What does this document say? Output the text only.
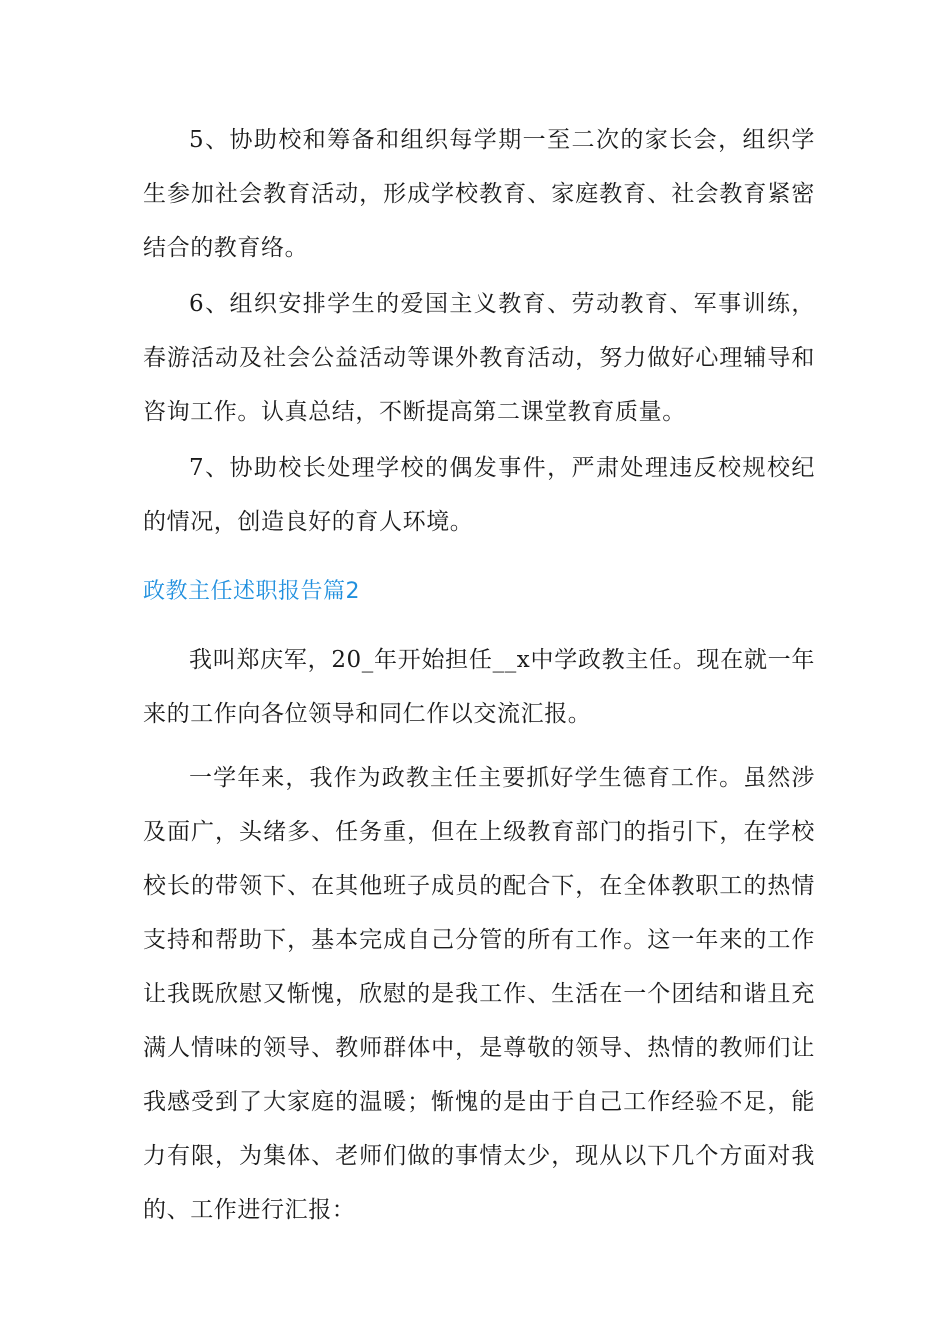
5、协助校和筹备和组织每学期一至二次的家长会，组织学生参加社会教育活动，形成学校教育、家庭教育、社会教育紧密结合的教育络。

6、组织安排学生的爱国主义教育、劳动教育、军事训练，春游活动及社会公益活动等课外教育活动，努力做好心理辅导和咨询工作。认真总结，不断提高第二课堂教育质量。

7、协助校长处理学校的偶发事件，严肃处理违反校规校纪的情况，创造良好的育人环境。

政教主任述职报告篇2

我叫郑庆军，20_年开始担任__x中学政教主任。现在就一年来的工作向各位领导和同仁作以交流汇报。

一学年来，我作为政教主任主要抓好学生德育工作。虽然涉及面广，头绪多、任务重，但在上级教育部门的指引下，在学校校长的带领下、在其他班子成员的配合下，在全体教职工的热情支持和帮助下，基本完成自己分管的所有工作。这一年来的工作让我既欣慰又惭愧，欣慰的是我工作、生活在一个团结和谐且充满人情味的领导、教师群体中，是尊敬的领导、热情的教师们让我感受到了大家庭的温暖；惭愧的是由于自己工作经验不足，能力有限，为集体、老师们做的事情太少，现从以下几个方面对我的、工作进行汇报：
